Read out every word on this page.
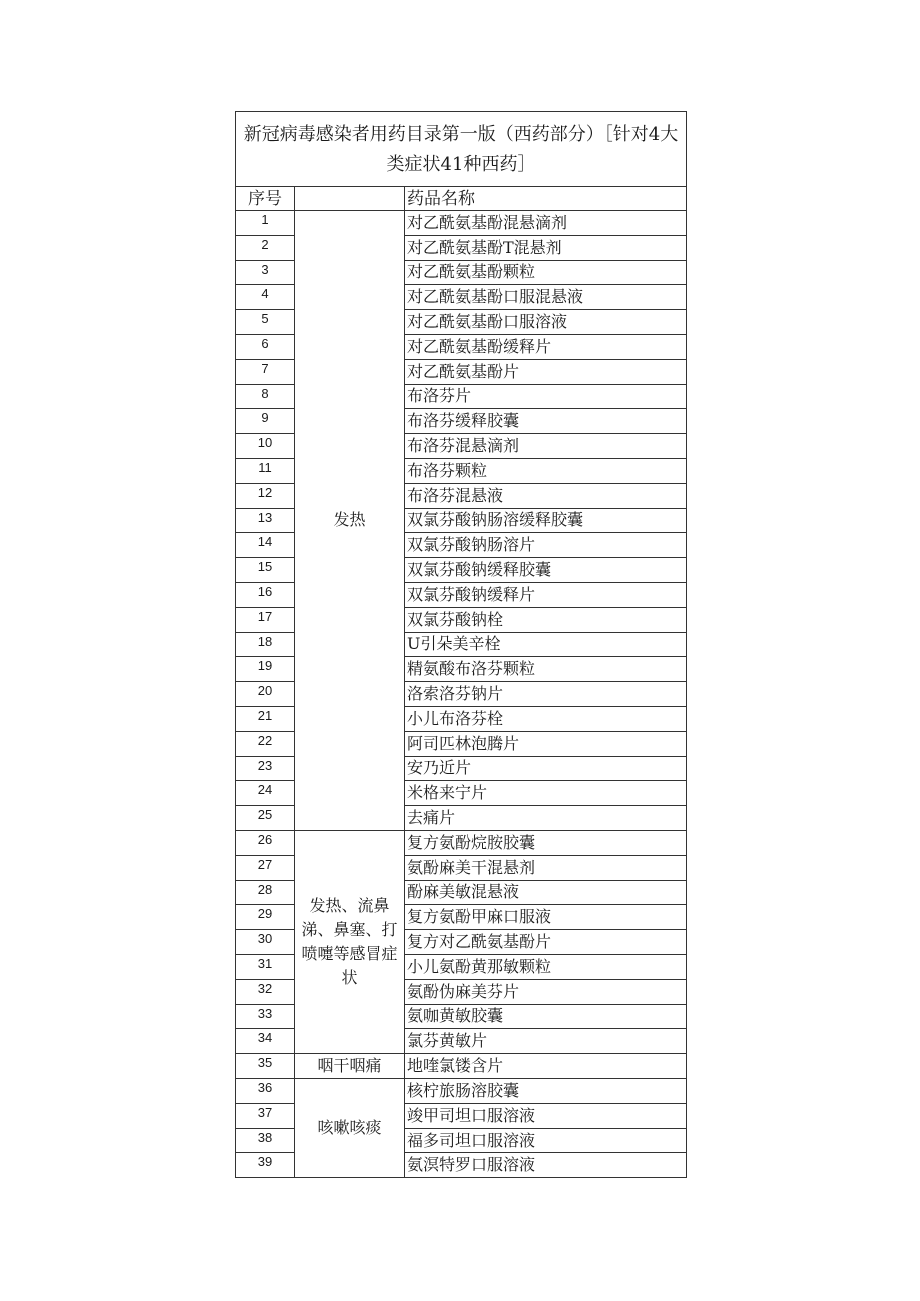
新冠病毒感染者用药目录第一版（西药部分）［针对4大类症状41种西药］		
序号		药品名称
1	发热	对乙酰氨基酚混悬滴剂
2		对乙酰氨基酚T混悬剂
3		对乙酰氨基酚颗粒
4		对乙酰氨基酚口服混悬液
5		对乙酰氨基酚口服溶液
6		对乙酰氨基酚缓释片
7		对乙酰氨基酚片
8		布洛芬片
9		布洛芬缓释胶囊
10		布洛芬混悬滴剂
11		布洛芬颗粒
12		布洛芬混悬液
13		双氯芬酸钠肠溶缓释胶囊
14		双氯芬酸钠肠溶片
15		双氯芬酸钠缓释胶囊
16		双氯芬酸钠缓释片
17		双氯芬酸钠栓
18		U引朵美辛栓
19		精氨酸布洛芬颗粒
20		洛索洛芬钠片
21		小儿布洛芬栓
22		阿司匹林泡腾片
23		安乃近片
24		米格来宁片
25		去痛片
26	发热、流鼻涕、鼻塞、打喷嚏等感冒症状	复方氨酚烷胺胶囊
27		氨酚麻美干混悬剂
28		酚麻美敏混悬液
29		复方氨酚甲麻口服液
30		复方对乙酰氨基酚片
31		小儿氨酚黄那敏颗粒
32		氨酚伪麻美芬片
33		氨咖黄敏胶囊
34		氯芬黄敏片
35	咽干咽痛	地喹氯镂含片
36	咳嗽咳痰	核柠旅肠溶胶囊
37		竣甲司坦口服溶液
38		福多司坦口服溶液
39		氨溟特罗口服溶液
